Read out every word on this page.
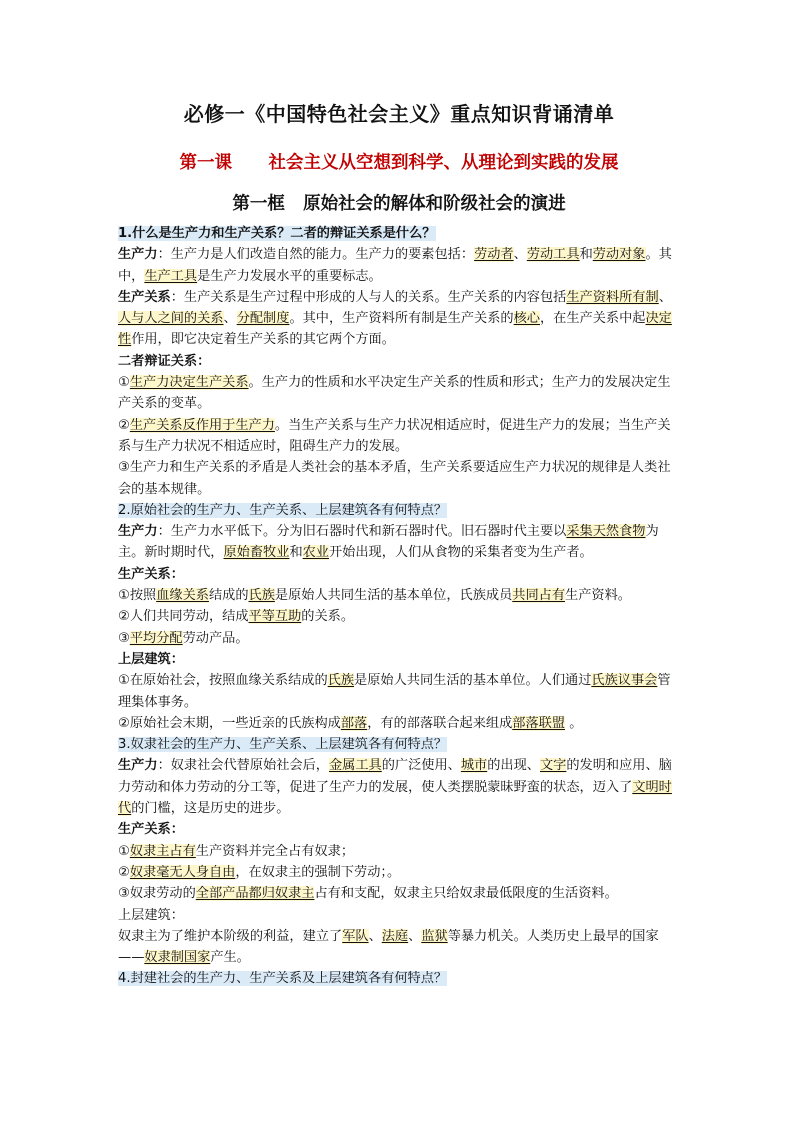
必修一《中国特色社会主义》重点知识背诵清单
第一课      社会主义从空想到科学、从理论到实践的发展
第一框   原始社会的解体和阶级社会的演进

1.什么是生产力和生产关系？二者的辩证关系是什么？

生产力：生产力是人们改造自然的能力。生产力的要素包括：劳动者、劳动工具和劳动对象。其中，生产工具是生产力发展水平的重要标志。

生产关系：生产关系是生产过程中形成的人与人的关系。生产关系的内容包括生产资料所有制、人与人之间的关系、分配制度。其中，生产资料所有制是生产关系的核心，在生产关系中起决定性作用，即它决定着生产关系的其它两个方面。

二者辩证关系：

①生产力决定生产关系。生产力的性质和水平决定生产关系的性质和形式；生产力的发展决定生产关系的变革。

②生产关系反作用于生产力。当生产关系与生产力状况相适应时，促进生产力的发展；当生产关系与生产力状况不相适应时，阻碍生产力的发展。

③生产力和生产关系的矛盾是人类社会的基本矛盾，生产关系要适应生产力状况的规律是人类社会的基本规律。

2.原始社会的生产力、生产关系、上层建筑各有何特点？

生产力：生产力水平低下。分为旧石器时代和新石器时代。旧石器时代主要以采集天然食物为主。新时期时代，原始畜牧业和农业开始出现，人们从食物的采集者变为生产者。

生产关系：

①按照血缘关系结成的氏族是原始人共同生活的基本单位，氏族成员共同占有生产资料。

②人们共同劳动，结成平等互助的关系。

③平均分配劳动产品。

上层建筑：

①在原始社会，按照血缘关系结成的氏族是原始人共同生活的基本单位。人们通过氏族议事会管理集体事务。

②原始社会末期，一些近亲的氏族构成部落，有的部落联合起来组成部落联盟 。

3.奴隶社会的生产力、生产关系、上层建筑各有何特点？

生产力：奴隶社会代替原始社会后，金属工具的广泛使用、城市的出现、文字的发明和应用、脑力劳动和体力劳动的分工等，促进了生产力的发展，使人类摆脱蒙昧野蛮的状态，迈入了文明时代的门槛，这是历史的进步。

生产关系：

①奴隶主占有生产资料并完全占有奴隶；

②奴隶毫无人身自由，在奴隶主的强制下劳动；。

③奴隶劳动的全部产品都归奴隶主占有和支配，奴隶主只给奴隶最低限度的生活资料。

上层建筑：

奴隶主为了维护本阶级的利益，建立了军队、法庭、监狱等暴力机关。人类历史上最早的国家——奴隶制国家产生。

4.封建社会的生产力、生产关系及上层建筑各有何特点？
